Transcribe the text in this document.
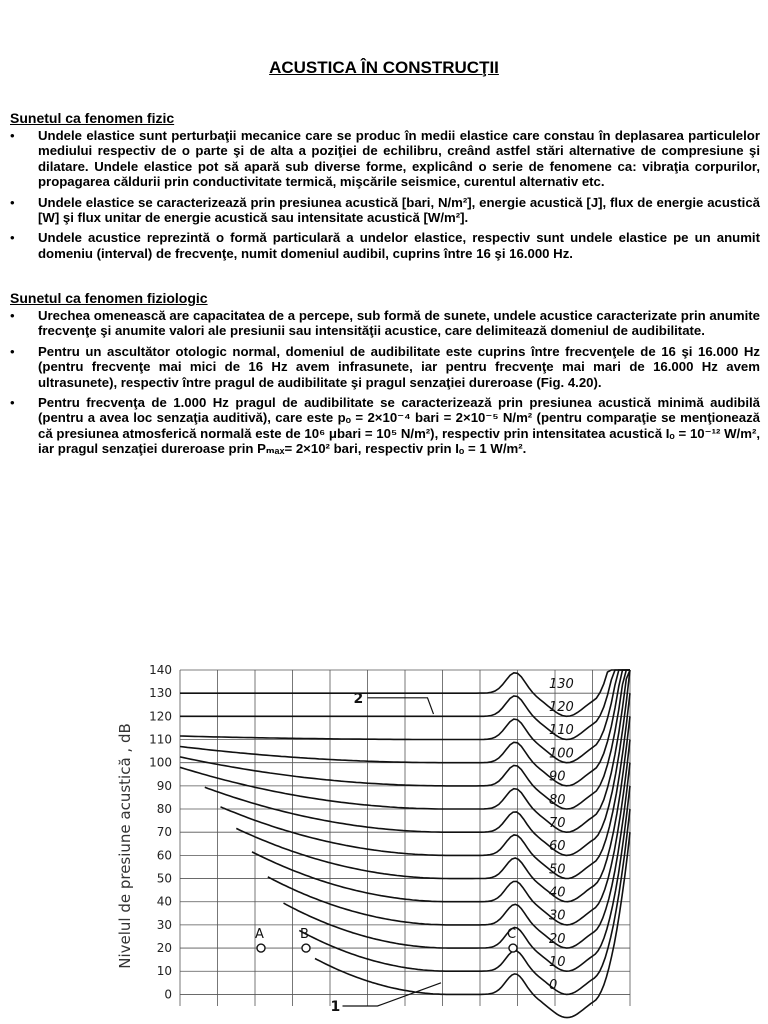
ACUSTICA ÎN CONSTRUCŢII
Sunetul ca fenomen fizic
• Undele elastice sunt perturbaţii mecanice care se produc în medii elastice care constau în deplasarea particulelor mediului respectiv de o parte şi de alta a poziţiei de echilibru, creând astfel stări alternative de compresiune şi dilatare. Undele elastice pot să apară sub diverse forme, explicând o serie de fenomene ca: vibraţia corpurilor, propagarea căldurii prin conductivitate termică, mişcările seismice, curentul alternativ etc.
• Undele elastice se caracterizează prin presiunea acustică [bari, N/m²], energie acustică [J], flux de energie acustică [W] şi flux unitar de energie acustică sau intensitate acustică [W/m²].
• Undele acustice reprezintă o formă particulară a undelor elastice, respectiv sunt undele elastice pe un anumit domeniu (interval) de frecvenţe, numit domeniul audibil, cuprins între 16 şi 16.000 Hz.
Sunetul ca fenomen fiziologic
• Urechea omenească are capacitatea de a percepe, sub formă de sunete, undele acustice caracterizate prin anumite frecvenţe şi anumite valori ale presiunii sau intensităţii acustice, care delimitează domeniul de audibilitate.
• Pentru un ascultător otologic normal, domeniul de audibilitate este cuprins între frecvenţele de 16 şi 16.000 Hz (pentru frecvenţe mai mici de 16 Hz avem infrasunete, iar pentru frecvenţe mai mari de 16.000 Hz avem ultrasunete), respectiv între pragul de audibilitate şi pragul senzaţiei dureroase (Fig. 4.20).
• Pentru frecvenţa de 1.000 Hz pragul de audibilitate se caracterizează prin presiunea acustică minimă audibilă (pentru a avea loc senzaţia auditivă), care este pₒ = 2×10⁻⁴ bari = 2×10⁻⁵ N/m² (pentru comparaţie se menţionează că presiunea atmosferică normală este de 10⁶ μbari = 10⁵ N/m²), respectiv prin intensitatea acustică Iₒ = 10⁻¹² W/m², iar pragul senzaţiei dureroase prin Pₘₐₓ= 2×10² bari, respectiv prin Iₒ = 1 W/m².
0
10
20
30
40
50
60
70
80
90
100
110
120
130
140
0
10
20
30
40
50
60
70
80
90
100
110
120
130
A	B	C
1
2
Nivelul de presiune acustică , dB
